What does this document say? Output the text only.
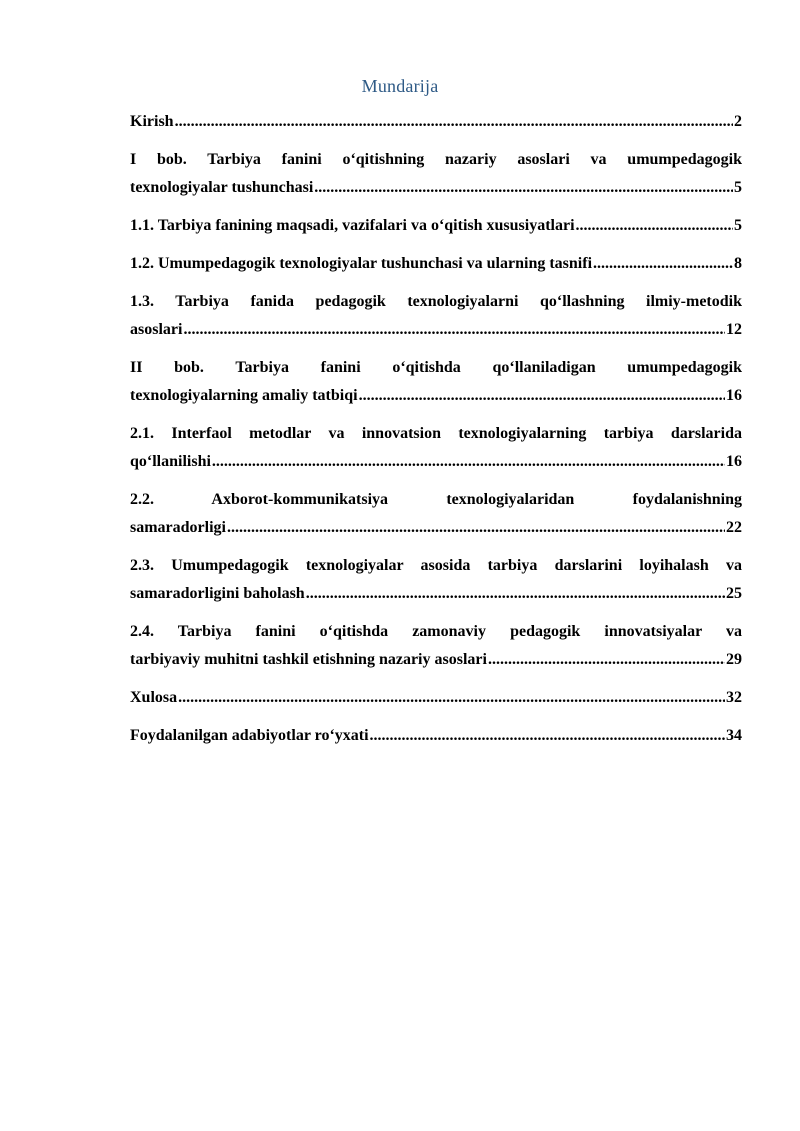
Mundarija
Kirish .....	2
I bob. Tarbiya fanini o‘qitishning nazariy asoslari va umumpedagogik
texnologiyalar tushunchasi .....	5
1.1. Tarbiya fanining maqsadi, vazifalari va o‘qitish xususiyatlari .....	5
1.2. Umumpedagogik texnologiyalar tushunchasi va ularning tasnifi .....	8
1.3. Tarbiya fanida pedagogik texnologiyalarni qo‘llashning ilmiy-metodik
asoslari .....	12
II bob. Tarbiya fanini o‘qitishda qo‘llaniladigan umumpedagogik
texnologiyalarning amaliy tatbiqi .....	16
2.1. Interfaol metodlar va innovatsion texnologiyalarning tarbiya darslarida
qo‘llanilishi .....	16
2.2. Axborot-kommunikatsiya texnologiyalaridan foydalanishning
samaradorligi .....	22
2.3. Umumpedagogik texnologiyalar asosida tarbiya darslarini loyihalash va
samaradorligini baholash .....	25
2.4. Tarbiya fanini o‘qitishda zamonaviy pedagogik innovatsiyalar va
tarbiyaviy muhitni tashkil etishning nazariy asoslari .....	29
Xulosa .....	32
Foydalanilgan adabiyotlar ro‘yxati .....	34
